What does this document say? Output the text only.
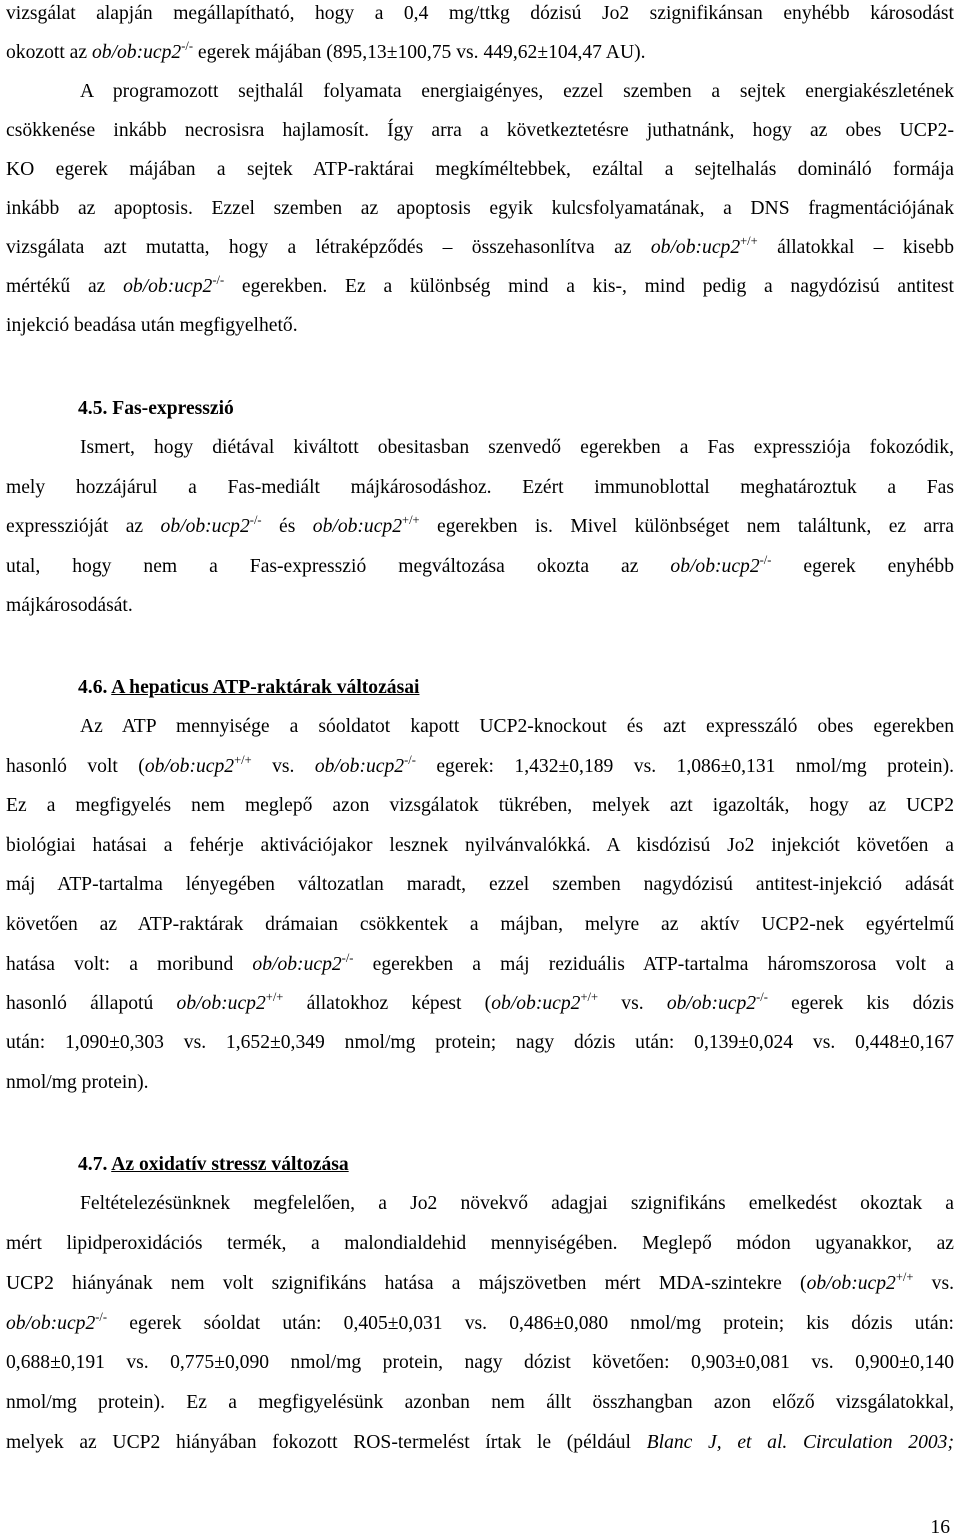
vizsgálat alapján megállapítható, hogy a 0,4 mg/ttkg dózisú Jo2 szignifikánsan enyhébb károsodást
okozott az ob/ob:ucp2-/- egerek májában (895,13±100,75 vs. 449,62±104,47 AU).
A programozott sejthalál folyamata energiaigényes, ezzel szemben a sejtek energiakészletének
csökkenése inkább necrosisra hajlamosít. Így arra a következtetésre juthatnánk, hogy az obes UCP2-
KO egerek májában a sejtek ATP-raktárai megkíméltebbek, ezáltal a sejtelhalás domináló formája
inkább az apoptosis. Ezzel szemben az apoptosis egyik kulcsfolyamatának, a DNS fragmentációjának
vizsgálata azt mutatta, hogy a létraképződés – összehasonlítva az ob/ob:ucp2+/+ állatokkal – kisebb
mértékű az ob/ob:ucp2-/- egerekben. Ez a különbség mind a kis-, mind pedig a nagydózisú antitest
injekció beadása után megfigyelhető.
4.5. Fas-expresszió
Ismert, hogy diétával kiváltott obesitasban szenvedő egerekben a Fas expressziója fokozódik,
mely hozzájárul a Fas-mediált májkárosodáshoz. Ezért immunoblottal meghatároztuk a Fas
expresszióját az ob/ob:ucp2-/- és ob/ob:ucp2+/+ egerekben is. Mivel különbséget nem találtunk, ez arra
utal, hogy nem a Fas-expresszió megváltozása okozta az ob/ob:ucp2-/- egerek enyhébb
májkárosodását.
4.6. A hepaticus ATP-raktárak változásai
Az ATP mennyisége a sóoldatot kapott UCP2-knockout és azt expresszáló obes egerekben
hasonló volt (ob/ob:ucp2+/+ vs. ob/ob:ucp2-/- egerek: 1,432±0,189 vs. 1,086±0,131 nmol/mg protein).
Ez a megfigyelés nem meglepő azon vizsgálatok tükrében, melyek azt igazolták, hogy az UCP2
biológiai hatásai a fehérje aktivációjakor lesznek nyilvánvalókká. A kisdózisú Jo2 injekciót követően a
máj ATP-tartalma lényegében változatlan maradt, ezzel szemben nagydózisú antitest-injekció adását
követően az ATP-raktárak drámaian csökkentek a májban, melyre az aktív UCP2-nek egyértelmű
hatása volt: a moribund ob/ob:ucp2-/- egerekben a máj reziduális ATP-tartalma háromszorosa volt a
hasonló állapotú ob/ob:ucp2+/+ állatokhoz képest (ob/ob:ucp2+/+ vs. ob/ob:ucp2-/- egerek kis dózis
után: 1,090±0,303 vs. 1,652±0,349 nmol/mg protein; nagy dózis után: 0,139±0,024 vs. 0,448±0,167
nmol/mg protein).
4.7. Az oxidatív stressz változása
Feltételezésünknek megfelelően, a Jo2 növekvő adagjai szignifikáns emelkedést okoztak a
mért lipidperoxidációs termék, a malondialdehid mennyiségében. Meglepő módon ugyanakkor, az
UCP2 hiányának nem volt szignifikáns hatása a májszövetben mért MDA-szintekre (ob/ob:ucp2+/+ vs.
ob/ob:ucp2-/- egerek sóoldat után: 0,405±0,031 vs. 0,486±0,080 nmol/mg protein; kis dózis után:
0,688±0,191 vs. 0,775±0,090 nmol/mg protein, nagy dózist követően: 0,903±0,081 vs. 0,900±0,140
nmol/mg protein). Ez a megfigyelésünk azonban nem állt összhangban azon előző vizsgálatokkal,
melyek az UCP2 hiányában fokozott ROS-termelést írtak le (például Blanc J, et al. Circulation 2003;
16
